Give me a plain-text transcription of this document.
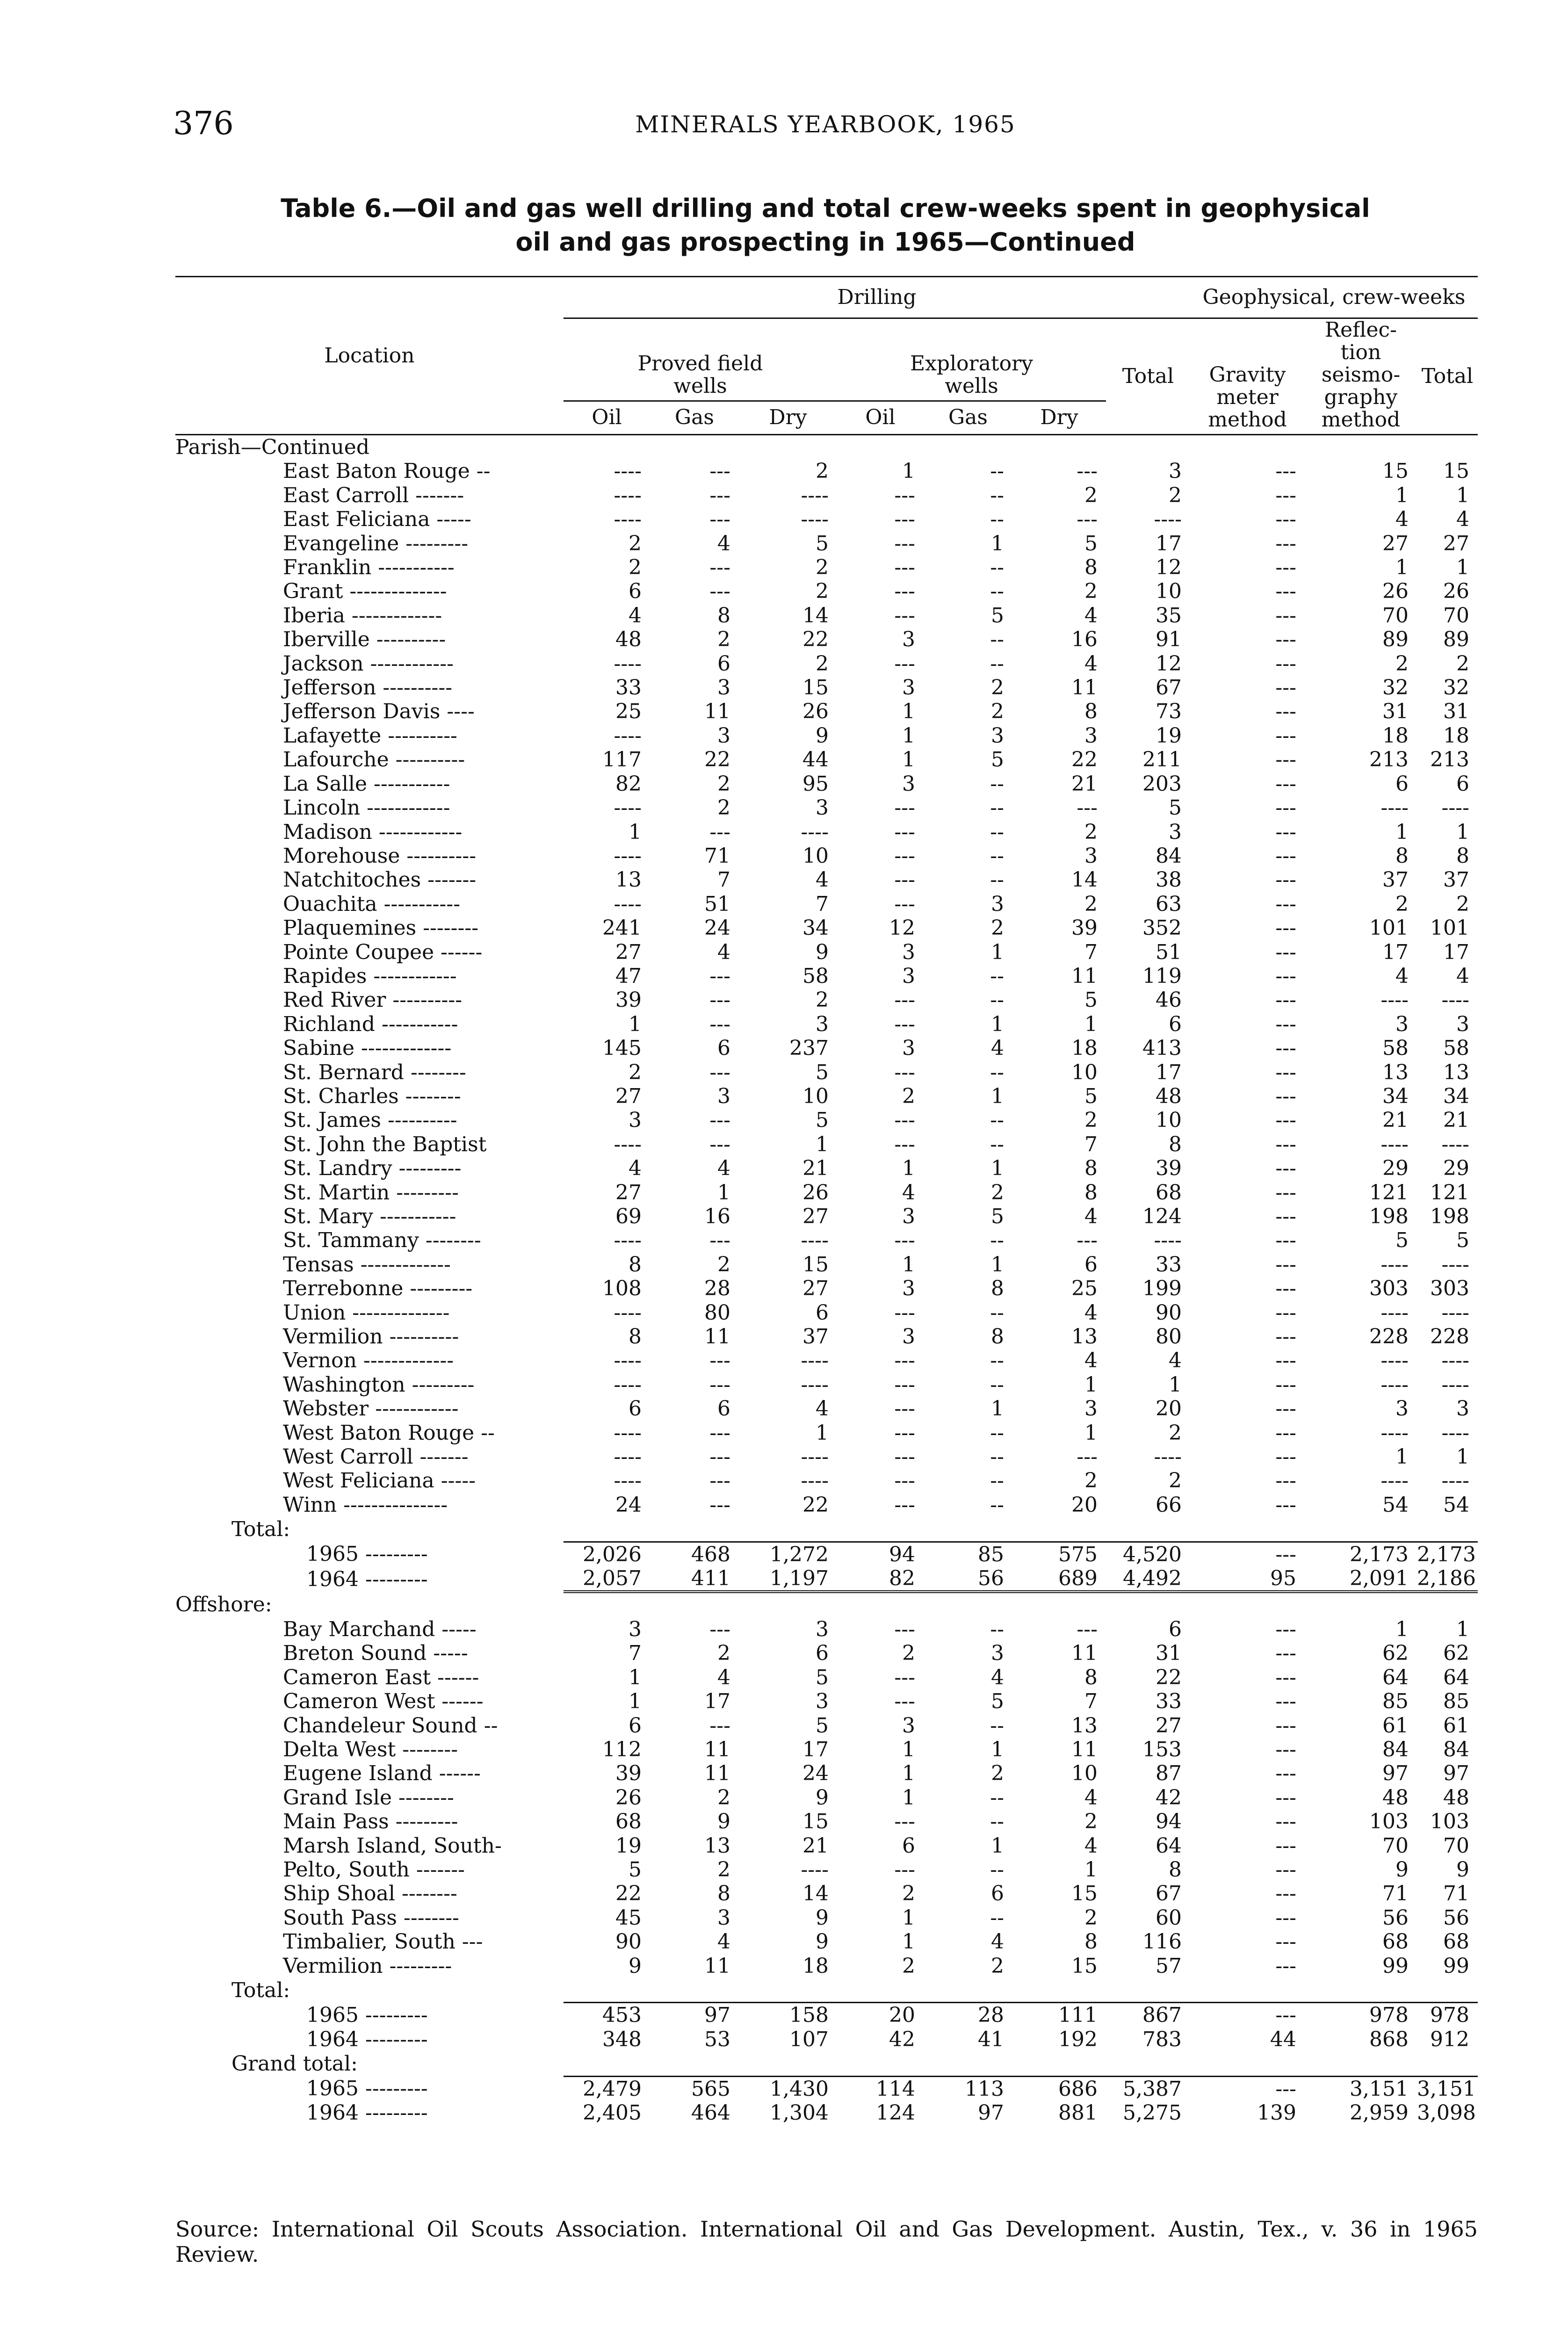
376	MINERALS YEARBOOK, 1965
Table 6.—Oil and gas well drilling and total crew-weeks spent in geophysical
oil and gas prospecting in 1965—Continued
Location	Drilling							Geophysical, crew-weeks		
	Proved field wells			Exploratory wells			Total	Gravity meter method	Reflec-tion seismo-graphy method	Total
	Oil	Gas	Dry	Oil	Gas	Dry				
Parish—Continued										
East Baton Rouge --	----	---	2	1	--	---	3	---	15	15
East Carroll -------	----	---	----	---	--	2	2	---	1	1
East Feliciana -----	----	---	----	---	--	---	----	---	4	4
Evangeline ---------	2	4	5	---	1	5	17	---	27	27
Franklin -----------	2	---	2	---	--	8	12	---	1	1
Grant --------------	6	---	2	---	--	2	10	---	26	26
Iberia -------------	4	8	14	---	5	4	35	---	70	70
Iberville ----------	48	2	22	3	--	16	91	---	89	89
Jackson ------------	----	6	2	---	--	4	12	---	2	2
Jefferson ----------	33	3	15	3	2	11	67	---	32	32
Jefferson Davis ----	25	11	26	1	2	8	73	---	31	31
Lafayette ----------	----	3	9	1	3	3	19	---	18	18
Lafourche ----------	117	22	44	1	5	22	211	---	213	213
La Salle -----------	82	2	95	3	--	21	203	---	6	6
Lincoln ------------	----	2	3	---	--	---	5	---	----	----
Madison ------------	1	---	----	---	--	2	3	---	1	1
Morehouse ----------	----	71	10	---	--	3	84	---	8	8
Natchitoches -------	13	7	4	---	--	14	38	---	37	37
Ouachita -----------	----	51	7	---	3	2	63	---	2	2
Plaquemines --------	241	24	34	12	2	39	352	---	101	101
Pointe Coupee ------	27	4	9	3	1	7	51	---	17	17
Rapides ------------	47	---	58	3	--	11	119	---	4	4
Red River ----------	39	---	2	---	--	5	46	---	----	----
Richland -----------	1	---	3	---	1	1	6	---	3	3
Sabine -------------	145	6	237	3	4	18	413	---	58	58
St. Bernard --------	2	---	5	---	--	10	17	---	13	13
St. Charles --------	27	3	10	2	1	5	48	---	34	34
St. James ----------	3	---	5	---	--	2	10	---	21	21
St. John the Baptist	----	---	1	---	--	7	8	---	----	----
St. Landry ---------	4	4	21	1	1	8	39	---	29	29
St. Martin ---------	27	1	26	4	2	8	68	---	121	121
St. Mary -----------	69	16	27	3	5	4	124	---	198	198
St. Tammany --------	----	---	----	---	--	---	----	---	5	5
Tensas -------------	8	2	15	1	1	6	33	---	----	----
Terrebonne ---------	108	28	27	3	8	25	199	---	303	303
Union --------------	----	80	6	---	--	4	90	---	----	----
Vermilion ----------	8	11	37	3	8	13	80	---	228	228
Vernon -------------	----	---	----	---	--	4	4	---	----	----
Washington ---------	----	---	----	---	--	1	1	---	----	----
Webster ------------	6	6	4	---	1	3	20	---	3	3
West Baton Rouge --	----	---	1	---	--	1	2	---	----	----
West Carroll -------	----	---	----	---	--	---	----	---	1	1
West Feliciana -----	----	---	----	---	--	2	2	---	----	----
Winn ---------------	24	---	22	---	--	20	66	---	54	54
Total:										
1965 ---------	2,026	468	1,272	94	85	575	4,520	---	2,173	2,173
1964 ---------	2,057	411	1,197	82	56	689	4,492	95	2,091	2,186
Offshore:										
Bay Marchand -----	3	---	3	---	--	---	6	---	1	1
Breton Sound -----	7	2	6	2	3	11	31	---	62	62
Cameron East ------	1	4	5	---	4	8	22	---	64	64
Cameron West ------	1	17	3	---	5	7	33	---	85	85
Chandeleur Sound --	6	---	5	3	--	13	27	---	61	61
Delta West --------	112	11	17	1	1	11	153	---	84	84
Eugene Island ------	39	11	24	1	2	10	87	---	97	97
Grand Isle --------	26	2	9	1	--	4	42	---	48	48
Main Pass ---------	68	9	15	---	--	2	94	---	103	103
Marsh Island, South-	19	13	21	6	1	4	64	---	70	70
Pelto, South -------	5	2	----	---	--	1	8	---	9	9
Ship Shoal --------	22	8	14	2	6	15	67	---	71	71
South Pass --------	45	3	9	1	--	2	60	---	56	56
Timbalier, South ---	90	4	9	1	4	8	116	---	68	68
Vermilion ---------	9	11	18	2	2	15	57	---	99	99
Total:										
1965 ---------	453	97	158	20	28	111	867	---	978	978
1964 ---------	348	53	107	42	41	192	783	44	868	912
Grand total:										
1965 ---------	2,479	565	1,430	114	113	686	5,387	---	3,151	3,151
1964 ---------	2,405	464	1,304	124	97	881	5,275	139	2,959	3,098
Source: International Oil Scouts Association. International Oil and Gas Development. Austin, Tex., v. 36 in 1965 Review.
